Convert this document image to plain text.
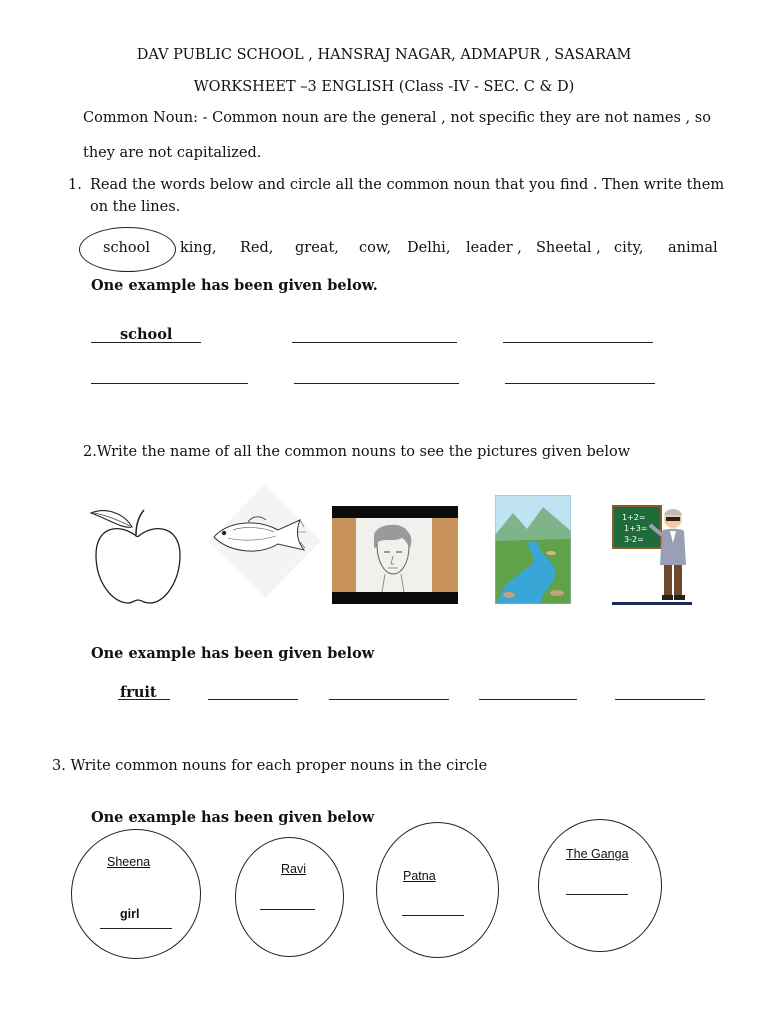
DAV PUBLIC SCHOOL , HANSRAJ NAGAR, ADMAPUR , SASARAM
WORKSHEET –3 ENGLISH (Class -IV - SEC. C & D)
Common Noun: - Common noun are the general , not specific they are not names , so
they are not capitalized.
1. Read the words below and circle all the common noun that you find . Then write them
on the lines.
school king, Red, great, cow, Delhi, leader , Sheetal , city, animal
One example has been given below.
school
2.Write the name of all the common nouns to see the pictures given below
1+2=
1+3=
3-2=
One example has been given below
fruit
3. Write common nouns for each proper nouns in the circle
One example has been given below
Sheena
girl
Ravi	Patna
The Ganga
